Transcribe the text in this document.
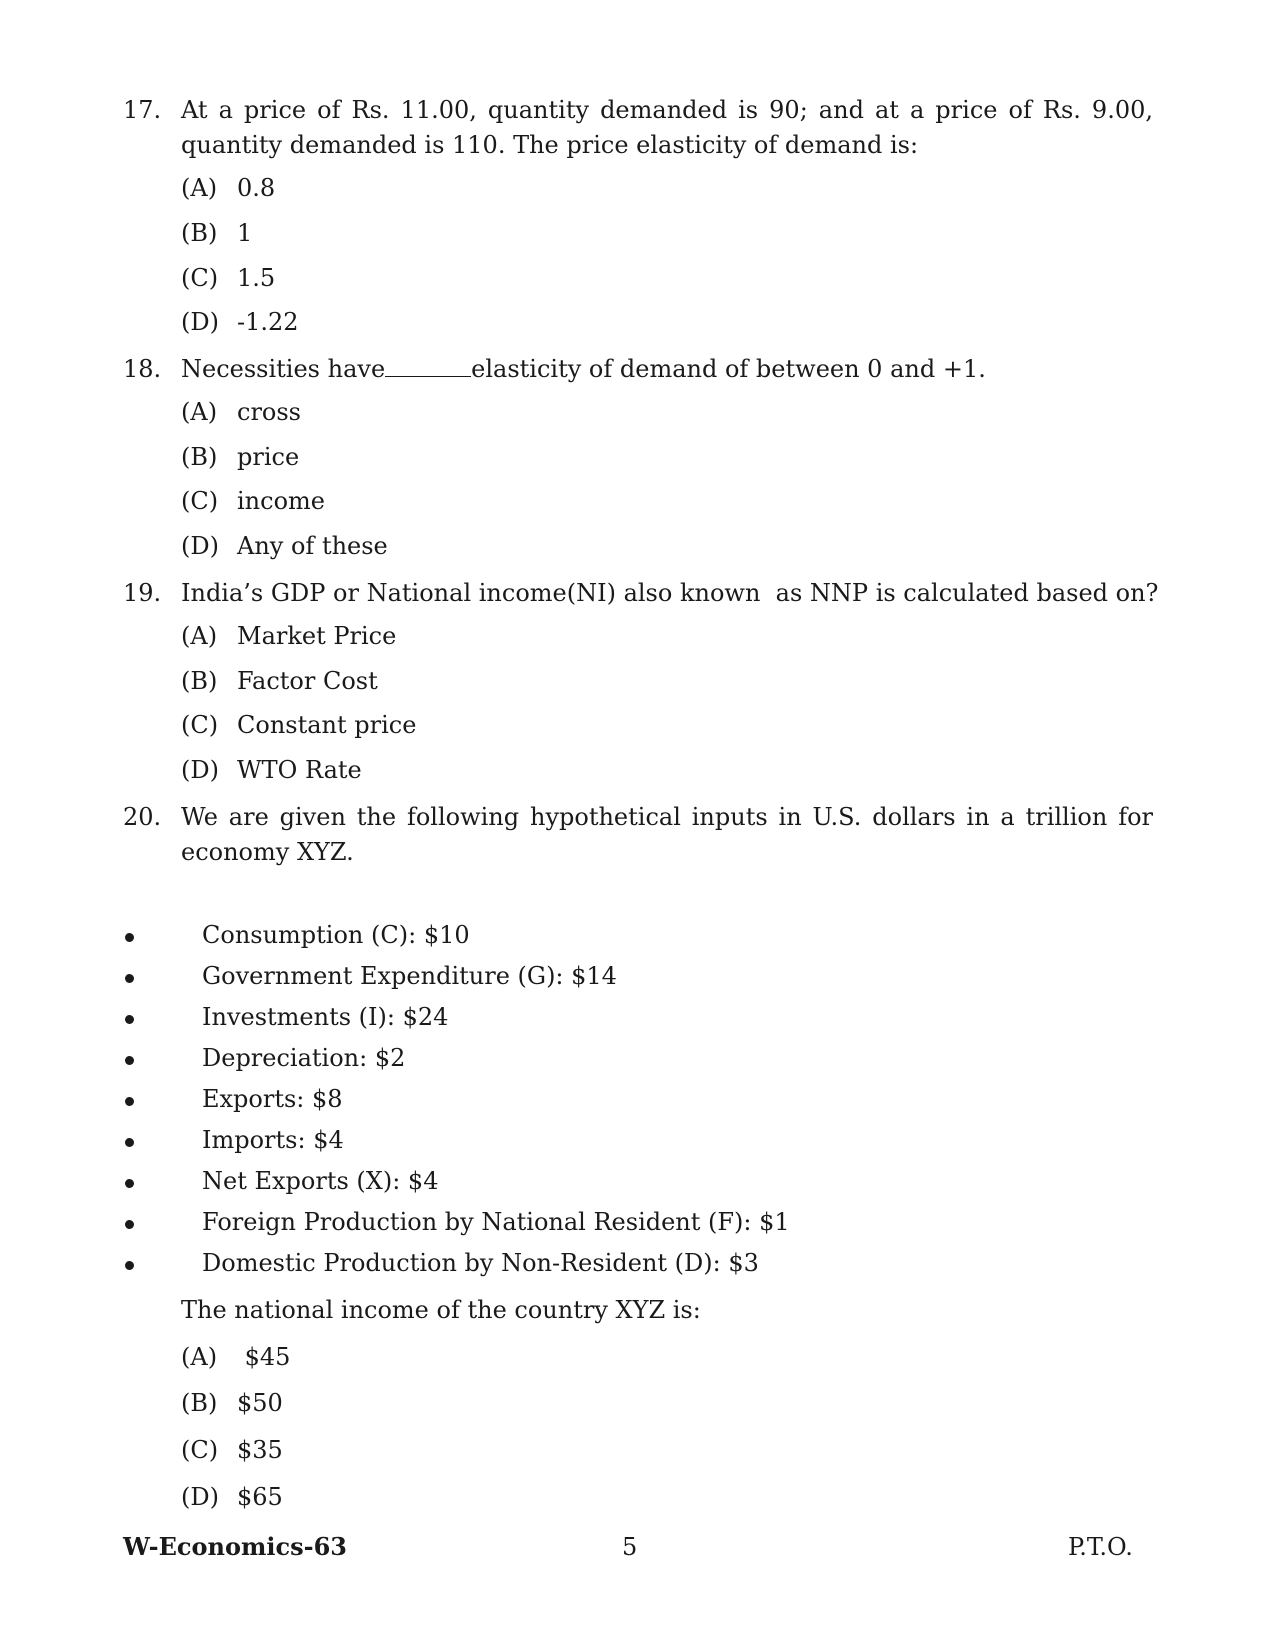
17. At a price of Rs. 11.00, quantity demanded is 90; and at a price of Rs. 9.00, quantity demanded is 110. The price elasticity of demand is:
(A) 0.8
(B) 1
(C) 1.5
(D) -1.22
18. Necessities have	elasticity of demand of between 0 and +1.
(A) cross
(B) price
(C) income
(D) Any of these
19. India’s GDP or National income(NI) also known  as NNP is calculated based on?
(A) Market Price
(B) Factor Cost
(C) Constant price
(D) WTO Rate
20. We are given the following hypothetical inputs in U.S. dollars in a trillion for economy XYZ.
Consumption (C): $10
Government Expenditure (G): $14
Investments (I): $24
Depreciation: $2
Exports: $8
Imports: $4
Net Exports (X): $4
Foreign Production by National Resident (F): $1
Domestic Production by Non-Resident (D): $3
The national income of the country XYZ is:
(A) $45
(B) $50
(C) $35
(D) $65
W-Economics-63	5	P.T.O.
